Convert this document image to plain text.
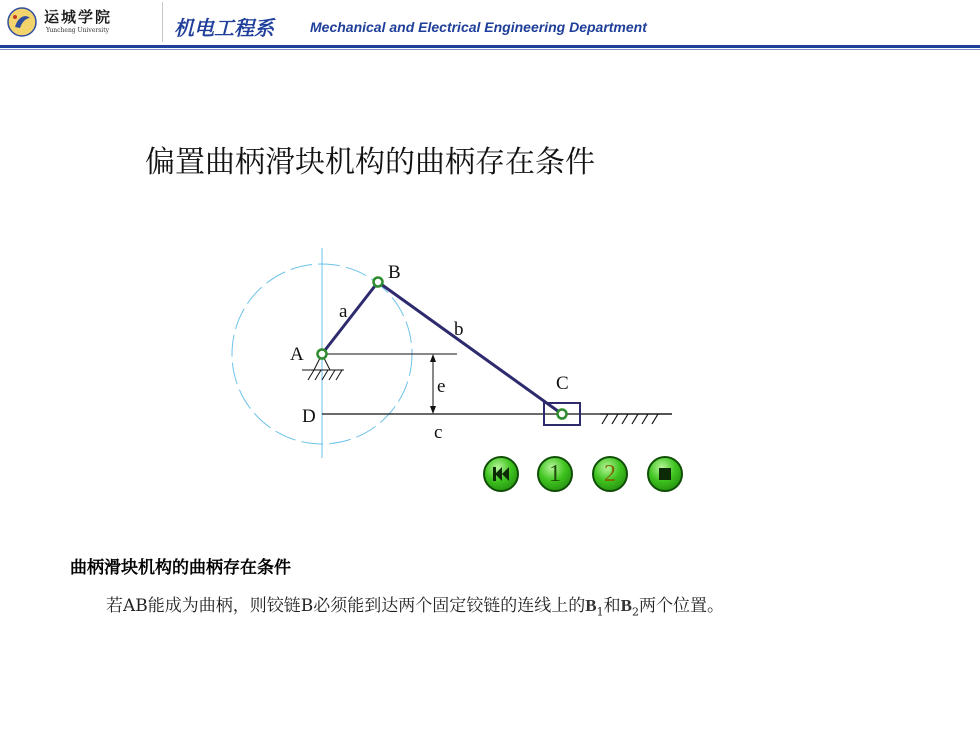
运城学院
Yuncheng University	机电工程系	Mechanical and Electrical Engineering Department
偏置曲柄滑块机构的曲柄存在条件
B
a
b
A
e	C
D
c
1 2
曲柄滑块机构的曲柄存在条件
若AB能成为曲柄，则铰链B必须能到达两个固定铰链的连线上的$B_1$和$B_2$两个位置。
